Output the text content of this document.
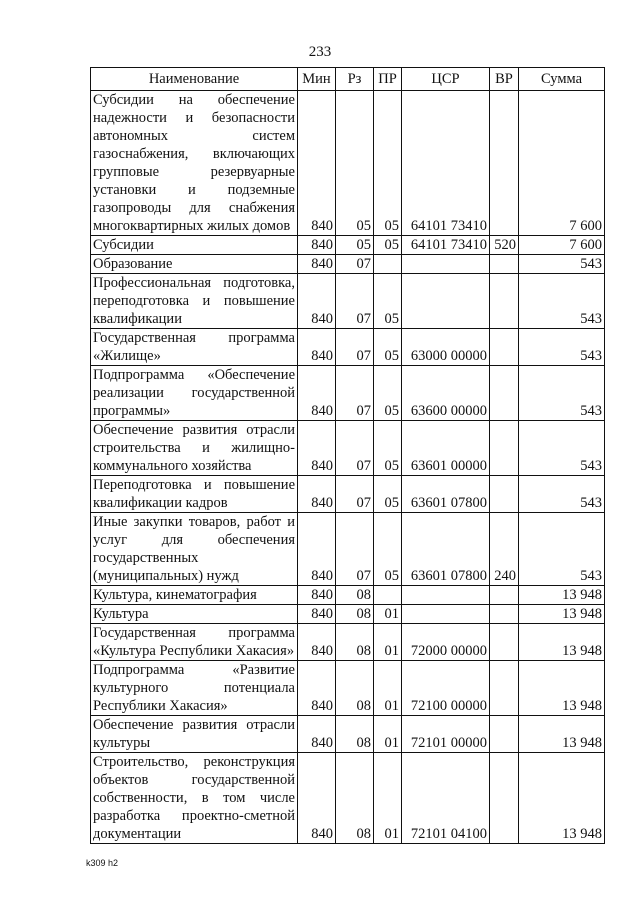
233
Наименование	Мин	Рз	ПР	ЦСР	ВР	Сумма
Субсидии на обеспечение надежности и безопасности автономных систем газоснабжения, включающих групповые резервуарные установки и подземные газопроводы для снабжения многоквартирных жилых домов	840	05	05	64101 73410		7 600
Субсидии	840	05	05	64101 73410	520	7 600
Образование	840	07				543
Профессиональная подготовка, переподготовка и повышение квалификации	840	07	05			543
Государственная программа «Жилище»	840	07	05	63000 00000		543
Подпрограмма «Обеспечение реализации государственной программы»	840	07	05	63600 00000		543
Обеспечение развития отрасли строительства и жилищно-коммунального хозяйства	840	07	05	63601 00000		543
Переподготовка и повышение квалификации кадров	840	07	05	63601 07800		543
Иные закупки товаров, работ и услуг для обеспечения государственных (муниципальных) нужд	840	07	05	63601 07800	240	543
Культура, кинематография	840	08				13 948
Культура	840	08	01			13 948
Государственная программа «Культура Республики Хакасия»	840	08	01	72000 00000		13 948
Подпрограмма «Развитие культурного потенциала Республики Хакасия»	840	08	01	72100 00000		13 948
Обеспечение развития отрасли культуры	840	08	01	72101 00000		13 948
Строительство, реконструкция объектов государственной собственности, в том числе разработка проектно-сметной документации	840	08	01	72101 04100		13 948
k309 h2
